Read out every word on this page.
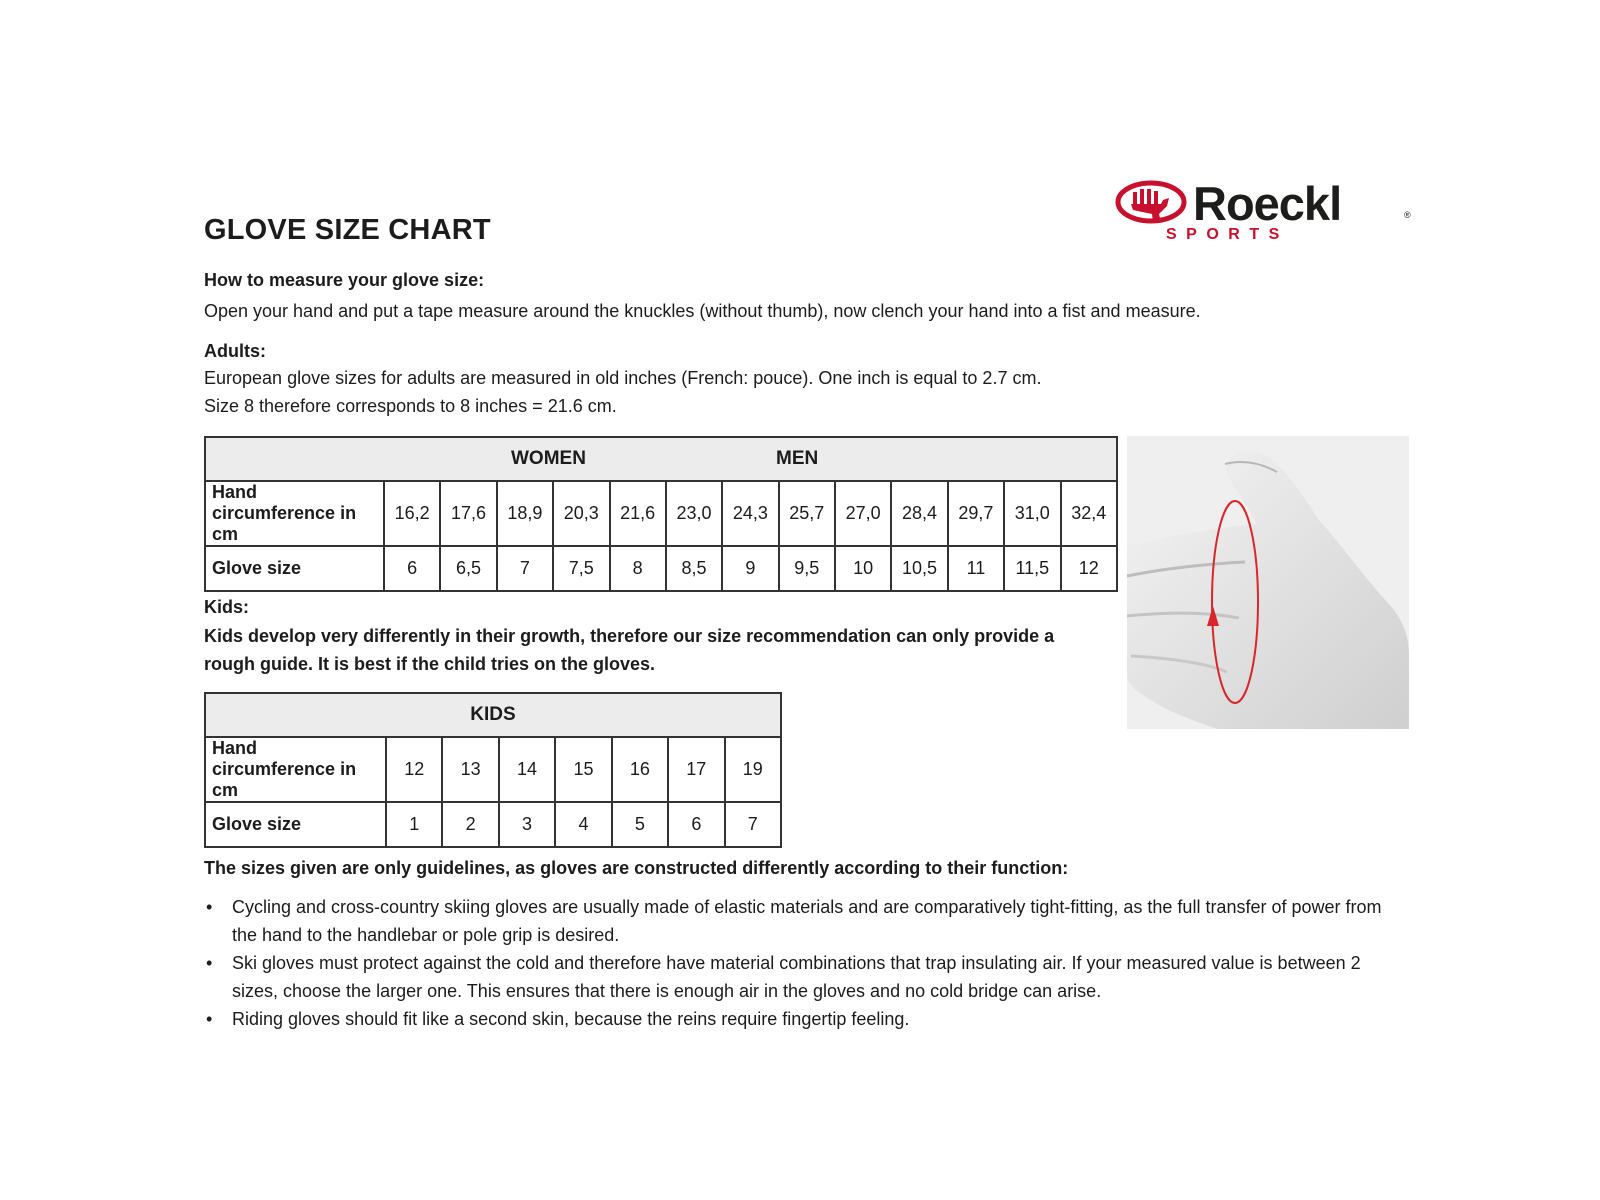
GLOVE SIZE CHART	Roeckl	®
SPORTS
How to measure your glove size:
Open your hand and put a tape measure around the knuckles (without thumb), now clench your hand into a fist and measure.
Adults:
European glove sizes for adults are measured in old inches (French: pouce). One inch is equal to 2.7 cm.
Size 8 therefore corresponds to 8 inches = 21.6 cm.
WOMEN MEN													

Hand circumference in cm	16,2	17,6	18,9	20,3	21,6	23,0	24,3	25,7	27,0	28,4	29,7	31,0	32,4
Glove size	6	6,5	7	7,5	8	8,5	9	9,5	10	10,5	11	11,5	12
Kids:
Kids develop very differently in their growth, therefore our size recommendation can only provide a rough guide. It is best if the child tries on the gloves.
KIDS							
Hand circumference in cm	12	13	14	15	16	17	19
Glove size	1	2	3	4	5	6	7
The sizes given are only guidelines, as gloves are constructed differently according to their function:
• Cycling and cross-country skiing gloves are usually made of elastic materials and are comparatively tight-fitting, as the full transfer of power from the hand to the handlebar or pole grip is desired.
• Ski gloves must protect against the cold and therefore have material combinations that trap insulating air. If your measured value is between 2 sizes, choose the larger one. This ensures that there is enough air in the gloves and no cold bridge can arise.
• Riding gloves should fit like a second skin, because the reins require fingertip feeling.
